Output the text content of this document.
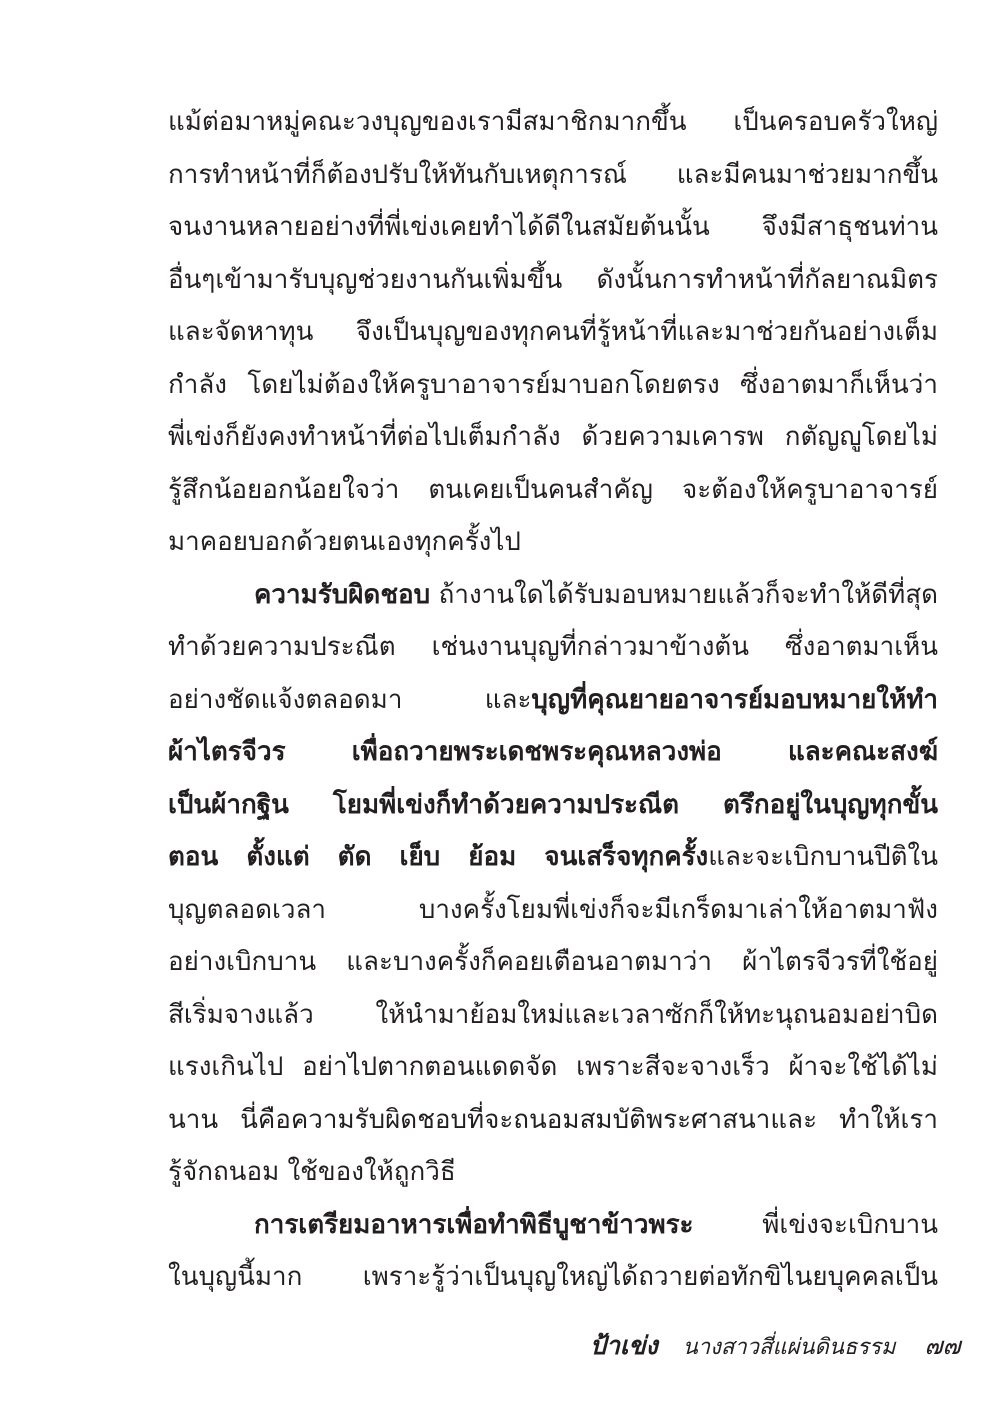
แม้ต่อมาหมู่คณะวงบุญของเรามีสมาชิกมากขึ้น เป็นครอบครัวใหญ่
การทำหน้าที่ก็ต้องปรับให้ทันกับเหตุการณ์ และมีคนมาช่วยมากขึ้น
จนงานหลายอย่างที่พี่เข่งเคยทำได้ดีในสมัยต้นนั้น จึงมีสาธุชนท่าน
อื่นๆเข้ามารับบุญช่วยงานกันเพิ่มขึ้น ดังนั้นการทำหน้าที่กัลยาณมิตร
และจัดหาทุน จึงเป็นบุญของทุกคนที่รู้หน้าที่และมาช่วยกันอย่างเต็ม
กำลัง โดยไม่ต้องให้ครูบาอาจารย์มาบอกโดยตรง ซึ่งอาตมาก็เห็นว่า
พี่เข่งก็ยังคงทำหน้าที่ต่อไปเต็มกำลัง ด้วยความเคารพ กตัญญูโดยไม่
รู้สึกน้อยอกน้อยใจว่า ตนเคยเป็นคนสำคัญ จะต้องให้ครูบาอาจารย์
มาคอยบอกด้วยตนเองทุกครั้งไป
ความรับผิดชอบ ถ้างานใดได้รับมอบหมายแล้วก็จะทำให้ดีที่สุด
ทำด้วยความประณีต เช่นงานบุญที่กล่าวมาข้างต้น ซึ่งอาตมาเห็น
อย่างชัดแจ้งตลอดมา และบุญที่คุณยายอาจารย์มอบหมายให้ทำ
ผ้าไตรจีวร เพื่อถวายพระเดชพระคุณหลวงพ่อ และคณะสงฆ์
เป็นผ้ากฐิน โยมพี่เข่งก็ทำด้วยความประณีต ตรึกอยู่ในบุญทุกขั้น
ตอน ตั้งแต่ ตัด เย็บ ย้อม จนเสร็จทุกครั้งและจะเบิกบานปีติใน
บุญตลอดเวลา บางครั้งโยมพี่เข่งก็จะมีเกร็ดมาเล่าให้อาตมาฟัง
อย่างเบิกบาน และบางครั้งก็คอยเตือนอาตมาว่า ผ้าไตรจีวรที่ใช้อยู่
สีเริ่มจางแล้ว ให้นำมาย้อมใหม่และเวลาซักก็ให้ทะนุถนอมอย่าบิด
แรงเกินไป อย่าไปตากตอนแดดจัด เพราะสีจะจางเร็ว ผ้าจะใช้ได้ไม่
นาน นี่คือความรับผิดชอบที่จะถนอมสมบัติพระศาสนาและ ทำให้เรา
รู้จักถนอม ใช้ของให้ถูกวิธี
การเตรียมอาหารเพื่อทำพิธีบูชาข้าวพระ พี่เข่งจะเบิกบาน
ในบุญนี้มาก เพราะรู้ว่าเป็นบุญใหญ่ได้ถวายต่อทักขิไนยบุคคลเป็น
ป้าเข่ง นางสาวสี่แผ่นดินธรรม ๗๗
